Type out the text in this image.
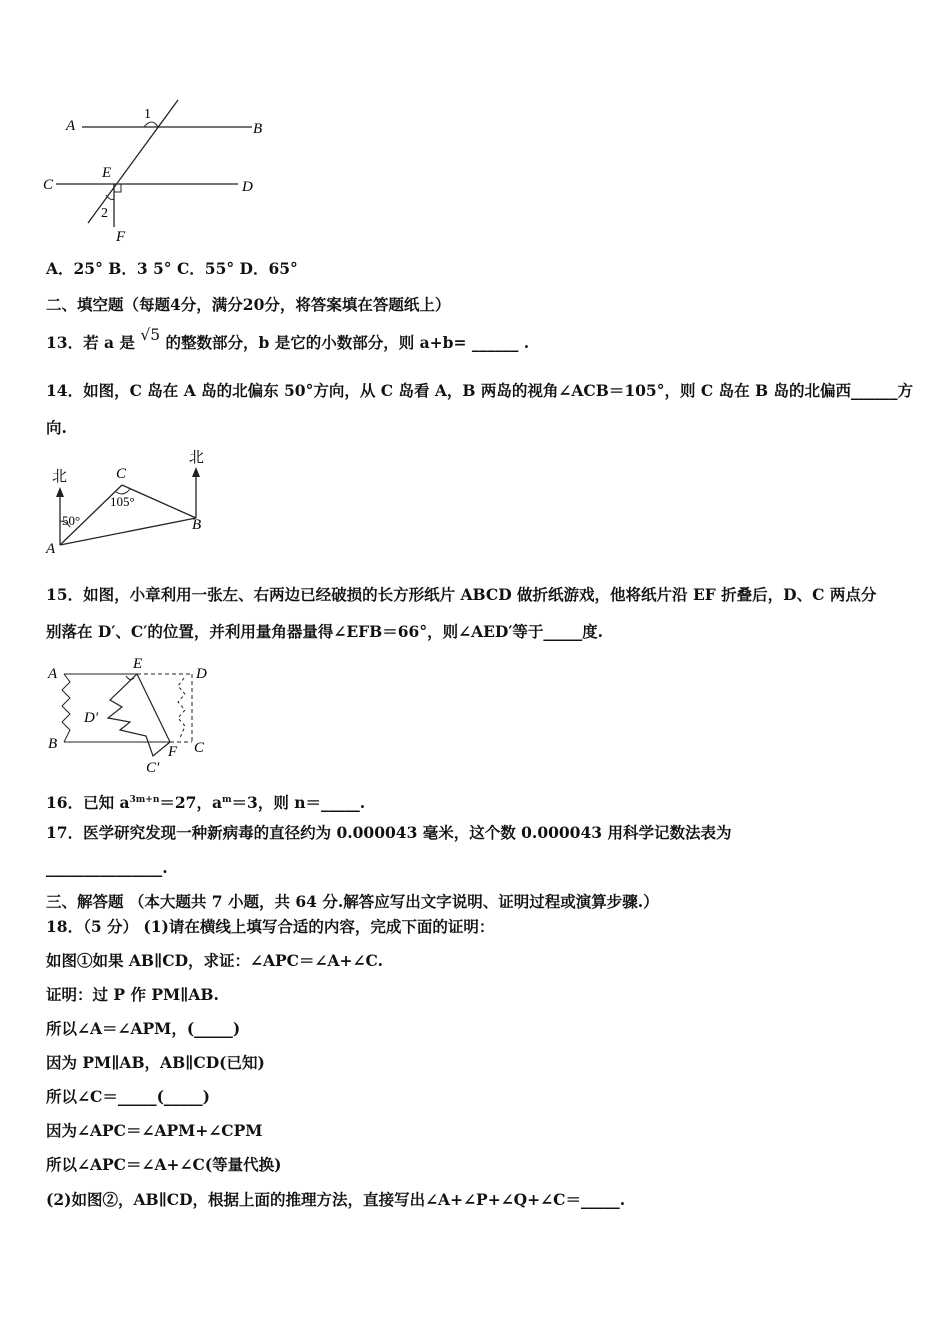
A	B
C	D
E
F
1
2
A．25° B．3 5° C．55° D．65°
二、填空题（每题4分，满分20分，将答案填在答题纸上）
13．若 a 是 √5 的整数部分，b 是它的小数部分，则 a+b= ______ .
14．如图，C 岛在 A 岛的北偏东 50°方向，从 C 岛看 A，B 两岛的视角∠ACB＝105°，则 C 岛在 B 岛的北偏西______方
向.
北
北
C
A
B
50°
105°
15．如图，小章利用一张左、右两边已经破损的长方形纸片 ABCD 做折纸游戏，他将纸片沿 EF 折叠后，D、C 两点分
别落在 D′、C′的位置，并利用量角器量得∠EFB＝66°，则∠AED′等于_____度.
A
E
D
D′
B	F C
C′
16．已知 $a^{3m+n}=27$，$a^m=3$，则 n＝_____.
17．医学研究发现一种新病毒的直径约为 0.000043 毫米，这个数 0.000043 用科学记数法表为
_______________.
三、解答题 （本大题共 7 小题，共 64 分.解答应写出文字说明、证明过程或演算步骤.）
18．（5 分） (1)请在横线上填写合适的内容，完成下面的证明：
如图①如果 AB∥CD，求证：∠APC＝∠A+∠C.
证明：过 P 作 PM∥AB.
所以∠A＝∠APM，(_____)
因为 PM∥AB，AB∥CD(已知)
所以∠C＝_____(_____)
因为∠APC＝∠APM+∠CPM
所以∠APC＝∠A+∠C(等量代换)
(2)如图②，AB∥CD，根据上面的推理方法，直接写出∠A+∠P+∠Q+∠C＝_____.
